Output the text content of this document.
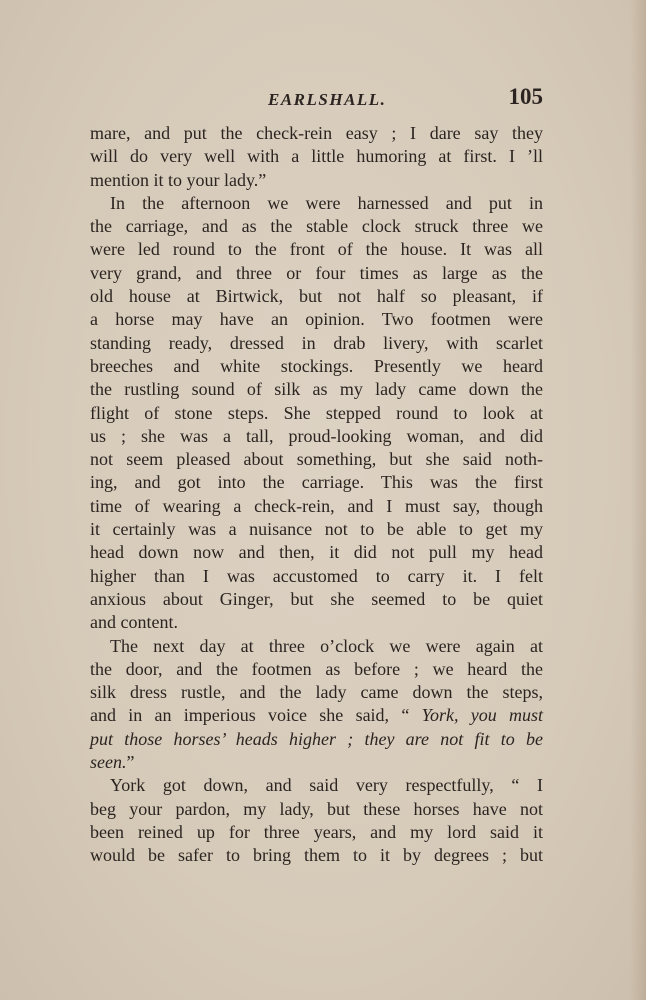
EARLSHALL.	105
mare, and put the check-rein easy ; I dare say they
will do very well with a little humoring at first. I ’ll
mention it to your lady.”
In the afternoon we were harnessed and put in
the carriage, and as the stable clock struck three we
were led round to the front of the house. It was all
very grand, and three or four times as large as the
old house at Birtwick, but not half so pleasant, if
a horse may have an opinion. Two footmen were
standing ready, dressed in drab livery, with scarlet
breeches and white stockings. Presently we heard
the rustling sound of silk as my lady came down the
flight of stone steps. She stepped round to look at
us ; she was a tall, proud-looking woman, and did
not seem pleased about something, but she said noth-
ing, and got into the carriage. This was the first
time of wearing a check-rein, and I must say, though
it certainly was a nuisance not to be able to get my
head down now and then, it did not pull my head
higher than I was accustomed to carry it. I felt
anxious about Ginger, but she seemed to be quiet
and content.
The next day at three o’clock we were again at
the door, and the footmen as before ; we heard the
silk dress rustle, and the lady came down the steps,
and in an imperious voice she said, “ York, you must
put those horses’ heads higher ; they are not fit to be
seen.”
York got down, and said very respectfully, “ I
beg your pardon, my lady, but these horses have not
been reined up for three years, and my lord said it
would be safer to bring them to it by degrees ; but
